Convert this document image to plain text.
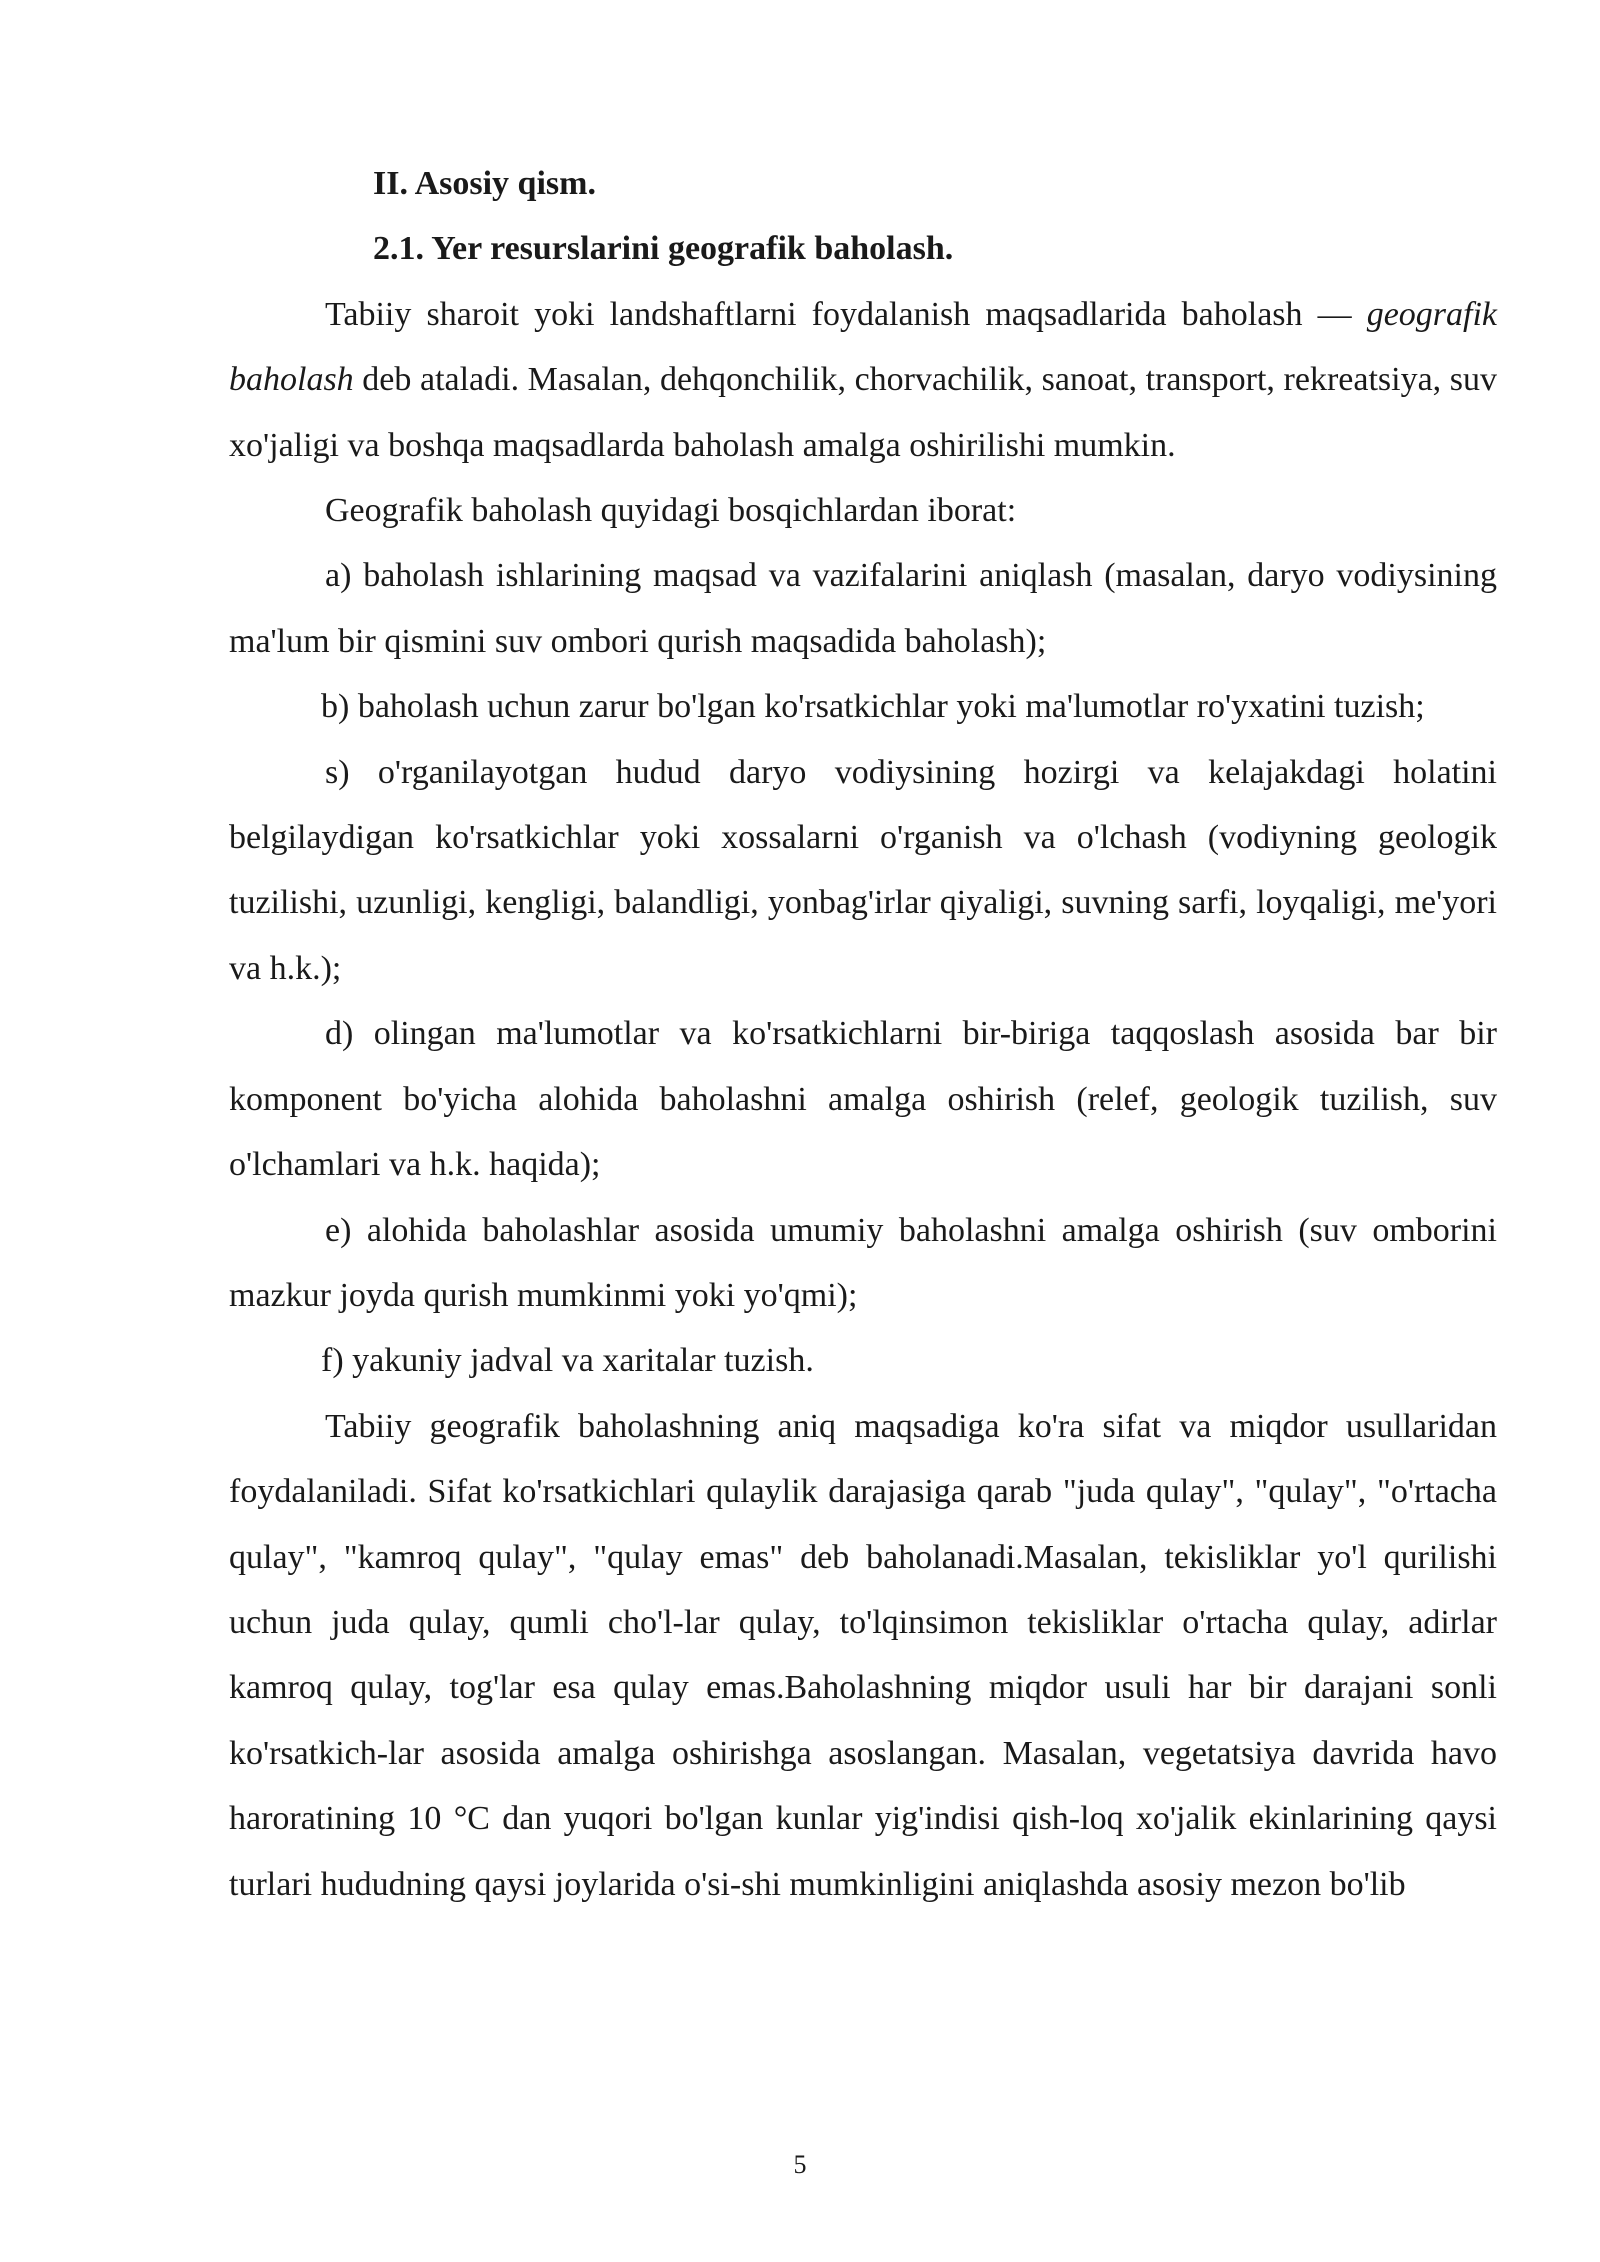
II. Asosiy qism.

2.1. Yer resurslarini geografik baholash.

Tabiiy sharoit yoki landshaftlarni foydalanish maqsadlarida baholash — geografik baholash deb ataladi. Masalan, dehqonchilik, chorvachilik, sanoat, transport, rekreatsiya, suv xo'jaligi va boshqa maqsadlarda baholash amalga oshirilishi mumkin.

Geografik baholash quyidagi bosqichlardan iborat:

a) baholash ishlarining maqsad va vazifalarini aniqlash (masalan, daryo vodiysining ma'lum bir qismini suv ombori qurish maqsadida baholash);

b) baholash uchun zarur bo'lgan ko'rsatkichlar yoki ma'lumotlar ro'yxatini tuzish;

s) o'rganilayotgan hudud daryo vodiysining hozirgi va kelajakdagi holatini belgilaydigan ko'rsatkichlar yoki xossalarni o'rganish va o'lchash (vodiyning geologik tuzilishi, uzunligi, kengligi, balandligi, yonbag'irlar qiyaligi, suvning sarfi, loyqaligi, me'yori va h.k.);

d) olingan ma'lumotlar va ko'rsatkichlarni bir-biriga taqqoslash asosida bar bir komponent bo'yicha alohida baholashni amalga oshirish (relef, geologik tuzilish, suv o'lchamlari va h.k. haqida);

e) alohida baholashlar asosida umumiy baholashni amalga oshirish (suv omborini mazkur joyda qurish mumkinmi yoki yo'qmi);

f) yakuniy jadval va xaritalar tuzish.

Tabiiy geografik baholashning aniq maqsadiga ko'ra sifat va miqdor usullaridan foydalaniladi. Sifat ko'rsatkichlari qulaylik darajasiga qarab "juda qulay", "qulay", "o'rtacha qulay", "kamroq qulay", "qulay emas" deb baholanadi.Masalan, tekisliklar yo'l qurilishi uchun juda qulay, qumli cho'l-lar qulay, to'lqinsimon tekisliklar o'rtacha qulay, adirlar kamroq qulay, tog'lar esa qulay emas.Baholashning miqdor usuli har bir darajani sonli ko'rsatkich-lar asosida amalga oshirishga asoslangan. Masalan, vegetatsiya davrida havo haroratining 10 °C dan yuqori bo'lgan kunlar yig'indisi qish-loq xo'jalik ekinlarining qaysi turlari hududning qaysi joylarida o'si-shi mumkinligini aniqlashda asosiy mezon bo'lib

5
